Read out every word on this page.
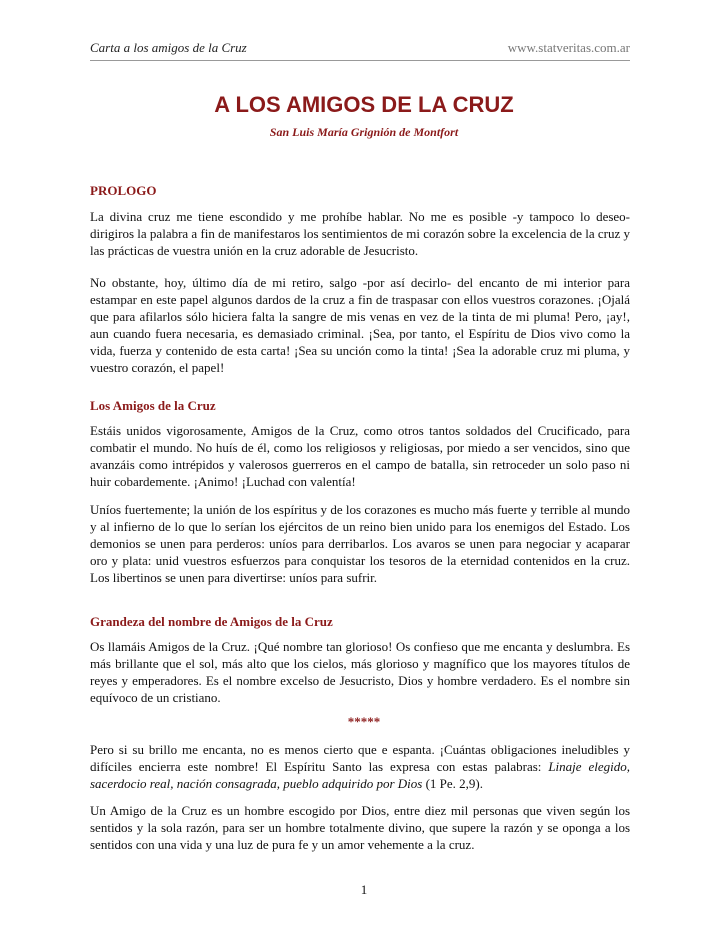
Carta a los amigos de la Cruz	www.statveritas.com.ar
A LOS AMIGOS DE LA CRUZ
San Luis María Grignión de Montfort
PROLOGO
La divina cruz me tiene escondido y me prohíbe hablar. No me es posible -y tampoco lo deseo- dirigiros la palabra a fin de manifestaros los sentimientos de mi corazón sobre la excelencia de la cruz y las prácticas de vuestra unión en la cruz adorable de Jesucristo.
No obstante, hoy, último día de mi retiro, salgo -por así decirlo- del encanto de mi interior para estampar en este papel algunos dardos de la cruz a fin de traspasar con ellos vuestros corazones. ¡Ojalá que para afilarlos sólo hiciera falta la sangre de mis venas en vez de la tinta de mi pluma! Pero, ¡ay!, aun cuando fuera necesaria, es demasiado criminal. ¡Sea, por tanto, el Espíritu de Dios vivo como la vida, fuerza y contenido de esta carta! ¡Sea su unción como la tinta! ¡Sea la adorable cruz mi pluma, y vuestro corazón, el papel!
Los Amigos de la Cruz
Estáis unidos vigorosamente, Amigos de la Cruz, como otros tantos soldados del Crucificado, para combatir el mundo. No huís de él, como los religiosos y religiosas, por miedo a ser vencidos, sino que avanzáis como intrépidos y valerosos guerreros en el campo de batalla, sin retroceder un solo paso ni huir cobardemente. ¡Animo! ¡Luchad con valentía!
Uníos fuertemente; la unión de los espíritus y de los corazones es mucho más fuerte y terrible al mundo y al infierno de lo que lo serían los ejércitos de un reino bien unido para los enemigos del Estado. Los demonios se unen para perderos: uníos para derribarlos. Los avaros se unen para negociar y acaparar oro y plata: unid vuestros esfuerzos para conquistar los tesoros de la eternidad contenidos en la cruz. Los libertinos se unen para divertirse: uníos para sufrir.
Grandeza del nombre de Amigos de la Cruz
Os llamáis Amigos de la Cruz. ¡Qué nombre tan glorioso! Os confieso que me encanta y deslumbra. Es más brillante que el sol, más alto que los cielos, más glorioso y magnífico que los mayores títulos de reyes y emperadores. Es el nombre excelso de Jesucristo, Dios y hombre verdadero. Es el nombre sin equívoco de un cristiano.
*****
Pero si su brillo me encanta, no es menos cierto que e espanta. ¡Cuántas obligaciones ineludibles y difíciles encierra este nombre! El Espíritu Santo las expresa con estas palabras: Linaje elegido, sacerdocio real, nación consagrada, pueblo adquirido por Dios (1 Pe. 2,9).
Un Amigo de la Cruz es un hombre escogido por Dios, entre diez mil personas que viven según los sentidos y la sola razón, para ser un hombre totalmente divino, que supere la razón y se oponga a los sentidos con una vida y una luz de pura fe y un amor vehemente a la cruz.
1
